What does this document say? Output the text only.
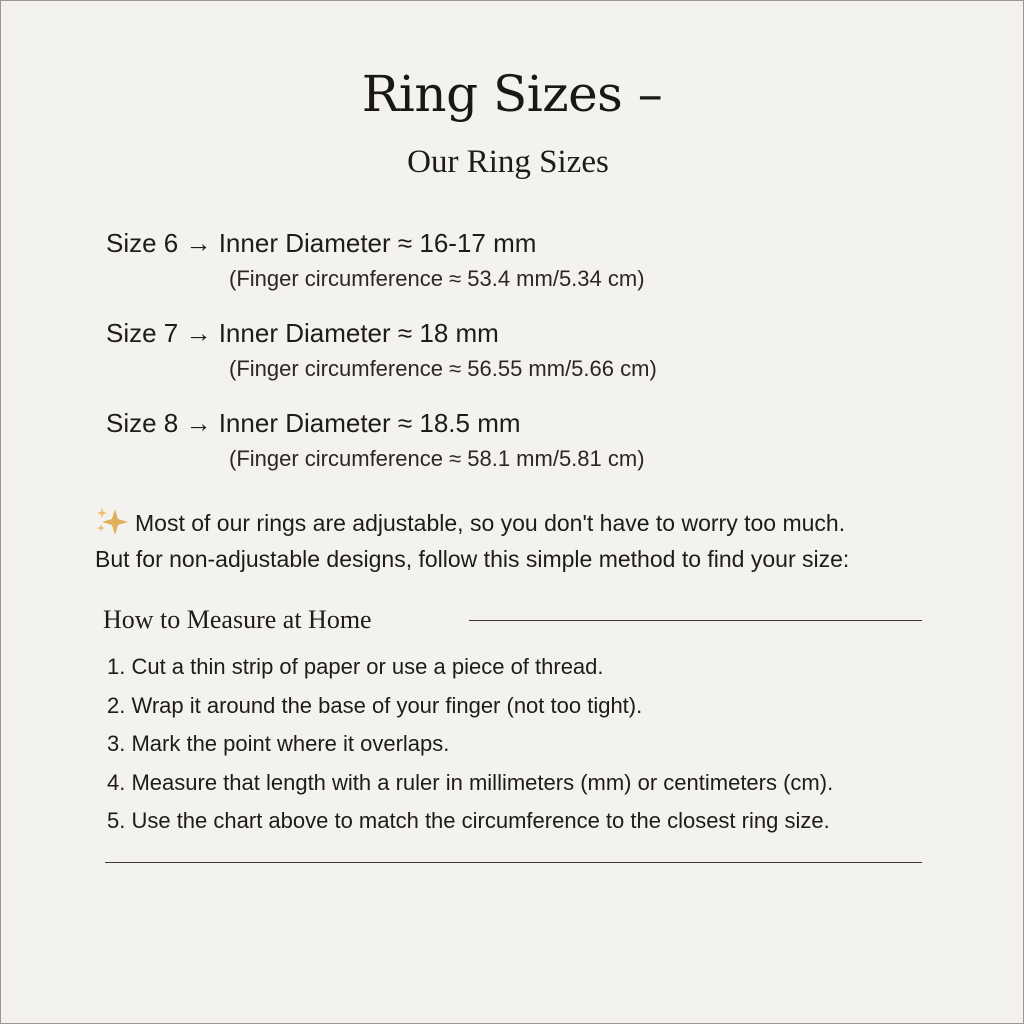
Ring Sizes –
Our Ring Sizes
Size 6 → Inner Diameter ≈ 16-17 mm
(Finger circumference ≈ 53.4 mm/5.34 cm)
Size 7 → Inner Diameter ≈ 18 mm
(Finger circumference ≈ 56.55 mm/5.66 cm)
Size 8 → Inner Diameter ≈ 18.5 mm
(Finger circumference ≈ 58.1 mm/5.81 cm)
Most of our rings are adjustable, so you don't have to worry too much.
But for non-adjustable designs, follow this simple method to find your size:
How to Measure at Home
1. Cut a thin strip of paper or use a piece of thread.
2. Wrap it around the base of your finger (not too tight).
3. Mark the point where it overlaps.
4. Measure that length with a ruler in millimeters (mm) or centimeters (cm).
5. Use the chart above to match the circumference to the closest ring size.
